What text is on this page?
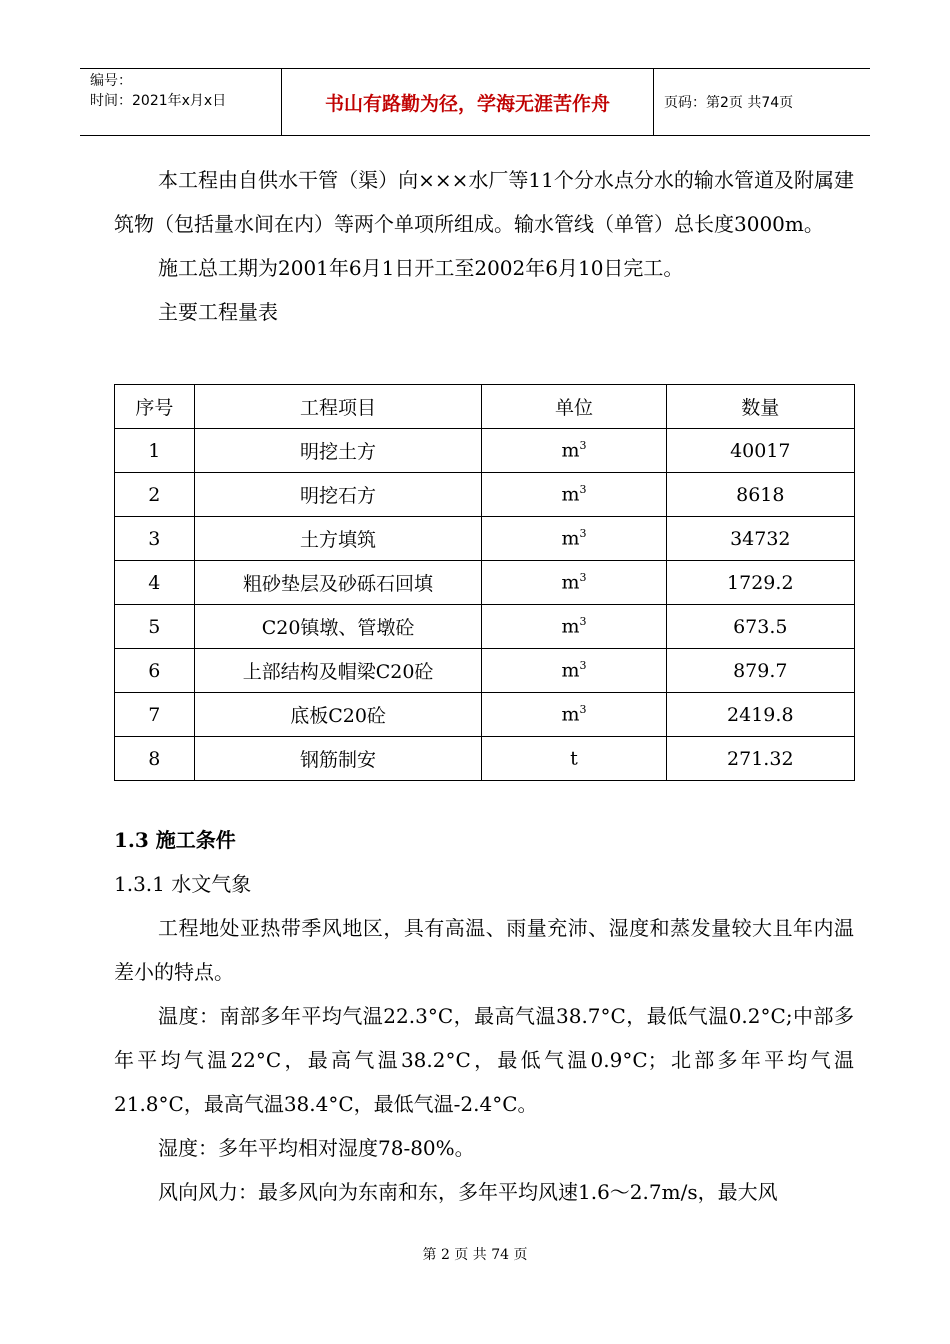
编号：
时间：2021年x月x日	书山有路勤为径，学海无涯苦作舟	页码：第2页 共74页

本工程由自供水干管（渠）向×××水厂等11个分水点分水的输水管道及附属建筑物（包括量水间在内）等两个单项所组成。输水管线（单管）总长度3000m。

施工总工期为2001年6月1日开工至2002年6月10日完工。

主要工程量表

序号	工程项目	单位	数量
1	明挖土方	$m^3$	40017
2	明挖石方	$m^3$	8618
3	土方填筑	$m^3$	34732
4	粗砂垫层及砂砾石回填	$m^3$	1729.2
5	C20镇墩、管墩砼	$m^3$	673.5
6	上部结构及帽梁C20砼	$m^3$	879.7
7	底板C20砼	$m^3$	2419.8
8	钢筋制安	t	271.32
1.3 施工条件
1.3.1 水文气象

工程地处亚热带季风地区，具有高温、雨量充沛、湿度和蒸发量较大且年内温差小的特点。

温度：南部多年平均气温22.3°C，最高气温38.7°C，最低气温0.2°C;中部多年平均气温22°C，最高气温38.2°C，最低气温0.9°C；北部多年平均气温21.8°C，最高气温38.4°C，最低气温-2.4°C。

湿度：多年平均相对湿度78-80%。

风向风力：最多风向为东南和东，多年平均风速1.6～2.7m/s，最大风

第 2 页 共 74 页
